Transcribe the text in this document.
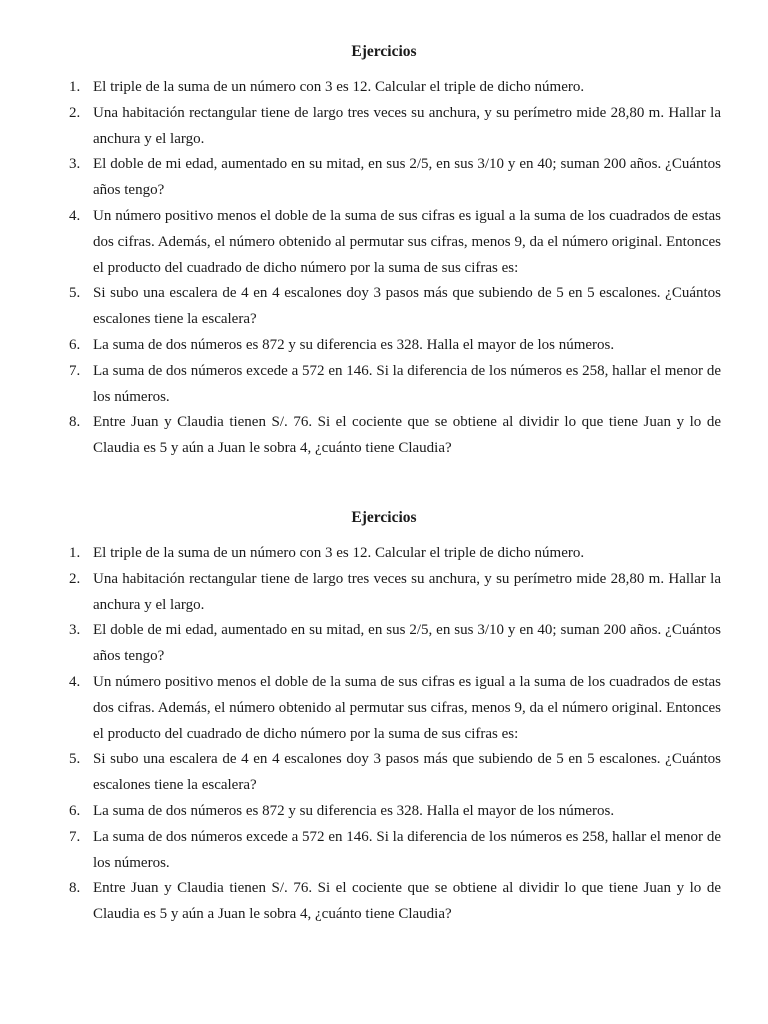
Ejercicios
1. El triple de la suma de un número con 3 es 12. Calcular el triple de dicho número.
2. Una habitación rectangular tiene de largo tres veces su anchura, y su perímetro mide 28,80 m. Hallar la anchura y el largo.
3. El doble de mi edad, aumentado en su mitad, en sus 2/5, en sus 3/10 y en 40; suman 200 años. ¿Cuántos años tengo?
4. Un número positivo menos el doble de la suma de sus cifras es igual a la suma de los cuadrados de estas dos cifras. Además, el número obtenido al permutar sus cifras, menos 9, da el número original. Entonces el producto del cuadrado de dicho número por la suma de sus cifras es:
5. Si subo una escalera de 4 en 4 escalones doy 3 pasos más que subiendo de 5 en 5 escalones. ¿Cuántos escalones tiene la escalera?
6. La suma de dos números es 872 y su diferencia es 328. Halla el mayor de los números.
7. La suma de dos números excede a 572 en 146. Si la diferencia de los números es 258, hallar el menor de los números.
8. Entre Juan y Claudia tienen S/. 76. Si el cociente que se obtiene al dividir lo que tiene Juan y lo de Claudia es 5 y aún a Juan le sobra 4, ¿cuánto tiene Claudia?
Ejercicios
1. El triple de la suma de un número con 3 es 12. Calcular el triple de dicho número.
2. Una habitación rectangular tiene de largo tres veces su anchura, y su perímetro mide 28,80 m. Hallar la anchura y el largo.
3. El doble de mi edad, aumentado en su mitad, en sus 2/5, en sus 3/10 y en 40; suman 200 años. ¿Cuántos años tengo?
4. Un número positivo menos el doble de la suma de sus cifras es igual a la suma de los cuadrados de estas dos cifras. Además, el número obtenido al permutar sus cifras, menos 9, da el número original. Entonces el producto del cuadrado de dicho número por la suma de sus cifras es:
5. Si subo una escalera de 4 en 4 escalones doy 3 pasos más que subiendo de 5 en 5 escalones. ¿Cuántos escalones tiene la escalera?
6. La suma de dos números es 872 y su diferencia es 328. Halla el mayor de los números.
7. La suma de dos números excede a 572 en 146. Si la diferencia de los números es 258, hallar el menor de los números.
8. Entre Juan y Claudia tienen S/. 76. Si el cociente que se obtiene al dividir lo que tiene Juan y lo de Claudia es 5 y aún a Juan le sobra 4, ¿cuánto tiene Claudia?
